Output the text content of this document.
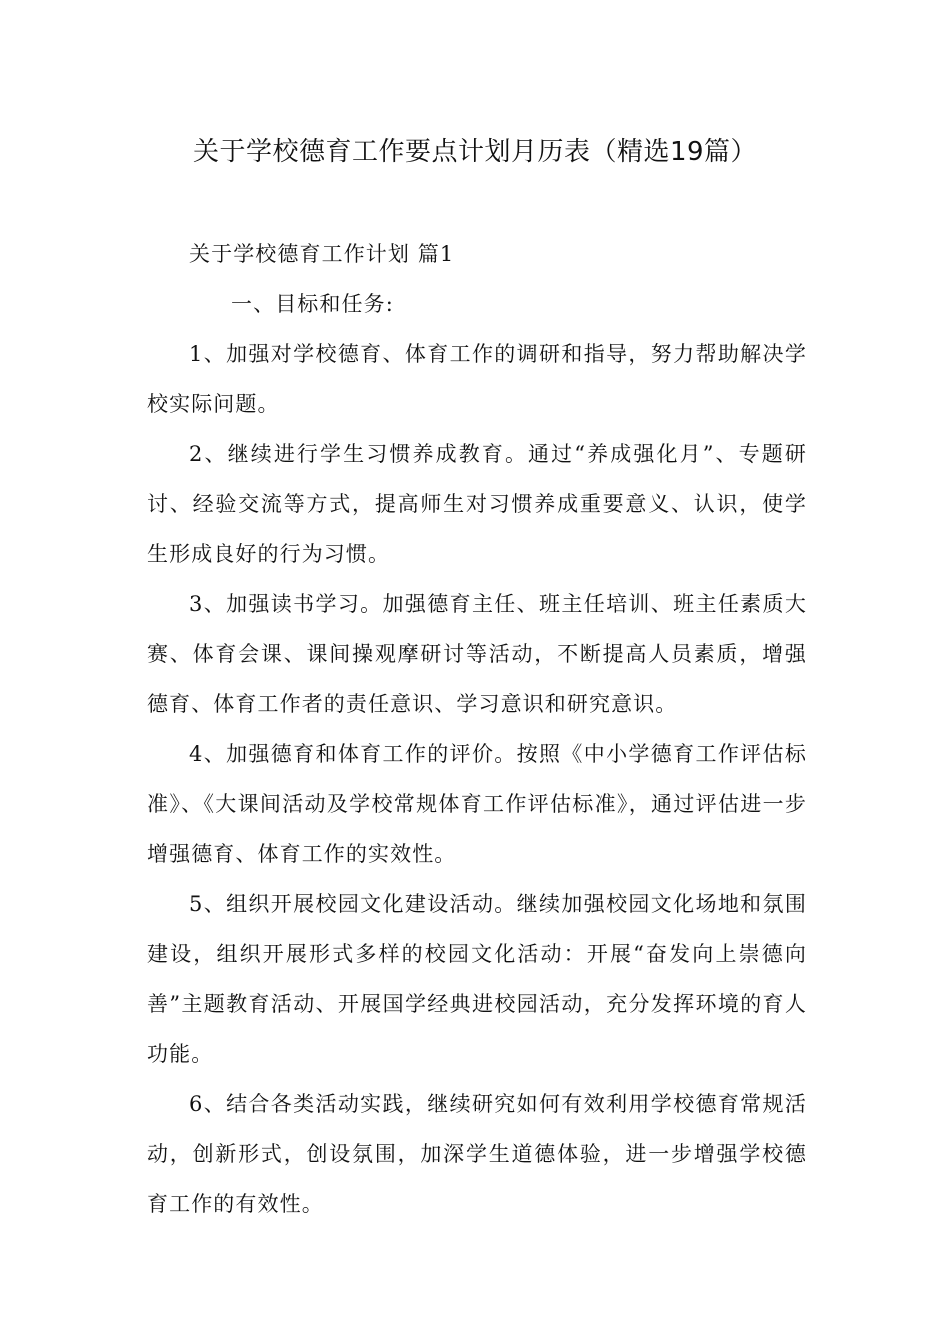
关于学校德育工作要点计划月历表（精选19篇）

关于学校德育工作计划 篇1

一、目标和任务:

1、加强对学校德育、体育工作的调研和指导，努力帮助解决学校实际问题。

2、继续进行学生习惯养成教育。通过“养成强化月”、专题研讨、经验交流等方式，提高师生对习惯养成重要意义、认识，使学生形成良好的行为习惯。

3、加强读书学习。加强德育主任、班主任培训、班主任素质大赛、体育会课、课间操观摩研讨等活动，不断提高人员素质，增强德育、体育工作者的责任意识、学习意识和研究意识。

4、加强德育和体育工作的评价。按照《中小学德育工作评估标准》、《大课间活动及学校常规体育工作评估标准》，通过评估进一步增强德育、体育工作的实效性。

5、组织开展校园文化建设活动。继续加强校园文化场地和氛围建设，组织开展形式多样的校园文化活动：开展“奋发向上崇德向善”主题教育活动、开展国学经典进校园活动，充分发挥环境的育人功能。

6、结合各类活动实践，继续研究如何有效利用学校德育常规活动，创新形式，创设氛围，加深学生道德体验，进一步增强学校德育工作的有效性。
